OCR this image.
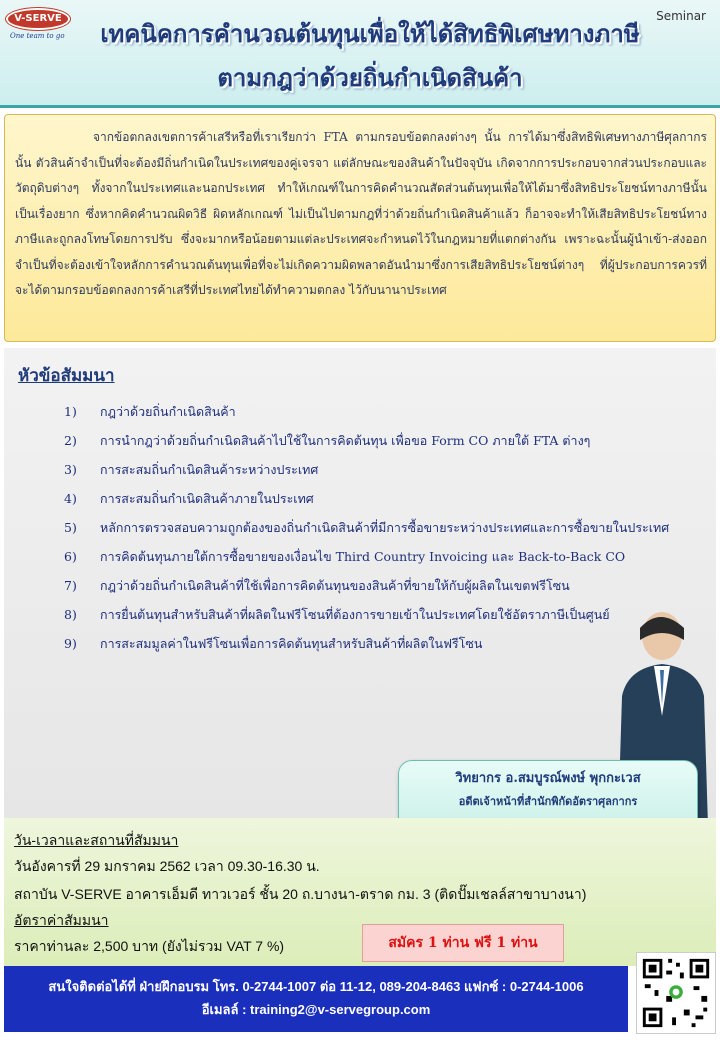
V-SERVE
One team to go
Seminar
เทคนิคการคำนวณต้นทุนเพื่อให้ได้สิทธิพิเศษทางภาษี
ตามกฎว่าด้วยถิ่นกำเนิดสินค้า
จากข้อตกลงเขตการค้าเสรีหรือที่เราเรียกว่า FTA ตามกรอบข้อตกลงต่างๆ นั้น การได้มาซึ่งสิทธิพิเศษทางภาษีศุลกากรนั้น ตัวสินค้าจำเป็นที่จะต้องมีถิ่นกำเนิดในประเทศของคู่เจรจา แต่ลักษณะของสินค้าในปัจจุบัน เกิดจากการประกอบจากส่วนประกอบและวัตถุดิบต่างๆ ทั้งจากในประเทศและนอกประเทศ ทำให้เกณฑ์ในการคิดคำนวณสัดส่วนต้นทุนเพื่อให้ได้มาซึ่งสิทธิประโยชน์ทางภาษีนั้นเป็นเรื่องยาก ซึ่งหากคิดคำนวณผิดวิธี ผิดหลักเกณฑ์ ไม่เป็นไปตามกฎที่ว่าด้วยถิ่นกำเนิดสินค้าแล้ว ก็อาจจะทำให้เสียสิทธิประโยชน์ทางภาษีและถูกลงโทษโดยการปรับ ซึ่งจะมากหรือน้อยตามแต่ละประเทศจะกำหนดไว้ในกฎหมายที่แตกต่างกัน เพราะฉะนั้นผู้นำเข้า-ส่งออก จำเป็นที่จะต้องเข้าใจหลักการคำนวณต้นทุนเพื่อที่จะไม่เกิดความผิดพลาดอันนำมาซึ่งการเสียสิทธิประโยชน์ต่างๆ ที่ผู้ประกอบการควรที่จะได้ตามกรอบข้อตกลงการค้าเสรีที่ประเทศไทยได้ทำความตกลง ไว้กับนานาประเทศ
หัวข้อสัมมนา
1) กฎว่าด้วยถิ่นกำเนิดสินค้า
2) การนำกฎว่าด้วยถิ่นกำเนิดสินค้าไปใช้ในการคิดต้นทุน เพื่อขอ Form CO ภายใต้ FTA ต่างๆ
3) การสะสมถิ่นกำเนิดสินค้าระหว่างประเทศ
4) การสะสมถิ่นกำเนิดสินค้าภายในประเทศ
5) หลักการตรวจสอบความถูกต้องของถิ่นกำเนิดสินค้าที่มีการซื้อขายระหว่างประเทศและการซื้อขายในประเทศ
6) การคิดต้นทุนภายใต้การซื้อขายของเงื่อนไข Third Country Invoicing และ Back-to-Back CO
7) กฎว่าด้วยถิ่นกำเนิดสินค้าที่ใช้เพื่อการคิดต้นทุนของสินค้าที่ขายให้กับผู้ผลิตในเขตฟรีโซน
8) การยื่นต้นทุนสำหรับสินค้าที่ผลิตในฟรีโซนที่ต้องการขายเข้าในประเทศโดยใช้อัตราภาษีเป็นศูนย์
9) การสะสมมูลค่าในฟรีโซนเพื่อการคิดต้นทุนสำหรับสินค้าที่ผลิตในฟรีโซน
วิทยากร อ.สมบูรณ์พงษ์ พุกกะเวส
อดีตเจ้าหน้าที่สำนักพิกัดอัตราศุลกากร
วัน-เวลาและสถานที่สัมมนา
วันอังคารที่ 29 มกราคม 2562 เวลา 09.30-16.30 น.
สถาบัน V-SERVE อาคารเอ็มดี ทาวเวอร์ ชั้น 20 ถ.บางนา-ตราด กม. 3 (ติดปั๊มเชลล์สาขาบางนา)
อัตราค่าสัมมนา
ราคาท่านละ 2,500 บาท (ยังไม่รวม VAT 7 %)	สมัคร 1 ท่าน ฟรี 1 ท่าน
สนใจติดต่อได้ที่ ฝ่ายฝึกอบรม โทร. 0-2744-1007 ต่อ 11-12, 089-204-8463 แฟกซ์ : 0-2744-1006
อีเมลล์ : training2@v-servegroup.com
